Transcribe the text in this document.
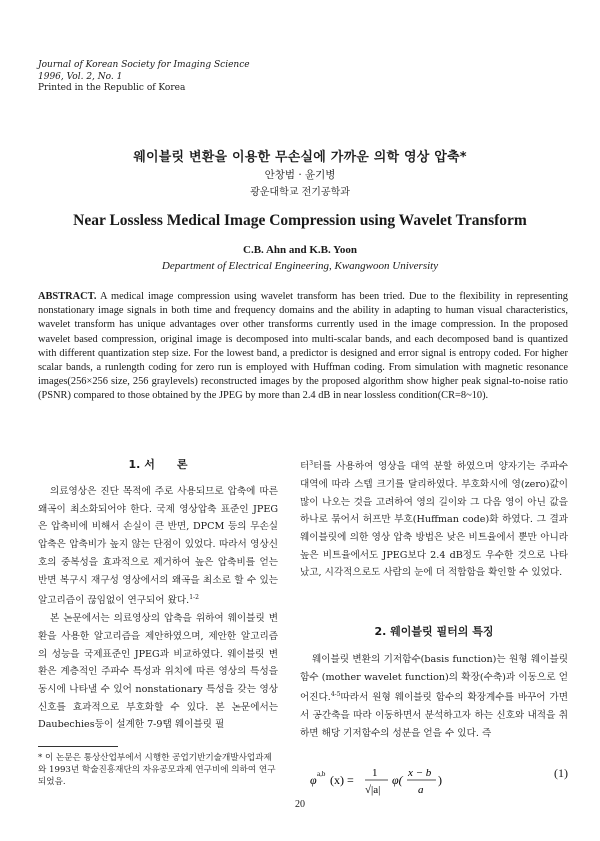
Journal of Korean Society for Imaging Science
1996, Vol. 2, No. 1
Printed in the Republic of Korea
웨이블릿 변환을 이용한 무손실에 가까운 의학 영상 압축*
안창범 · 윤기병
광운대학교 전기공학과
Near Lossless Medical Image Compression using Wavelet Transform
C.B. Ahn and K.B. Yoon
Department of Electrical Engineering, Kwangwoon University
ABSTRACT. A medical image compression using wavelet transform has been tried. Due to the flexibility in representing nonstationary image signals in both time and frequency domains and the ability in adapting to human visual characteristics, wavelet transform has unique advantages over other transforms currently used in the image compression. In the proposed wavelet based compression, original image is decomposed into multi-scalar bands, and each decomposed band is quantized with different quantization step size. For the lowest band, a predictor is designed and error signal is entropy coded. For higher scalar bands, a runlength coding for zero run is employed with Huffman coding. From simulation with magnetic resonance images(256×256 size, 256 graylevels) reconstructed images by the proposed algorithm show higher peak signal-to-noise ratio (PSNR) compared to those obtained by the JPEG by more than 2.4 dB in near lossless condition(CR=8~10).
1. 서　　론

의료영상은 진단 목적에 주로 사용되므로 압축에 따른 왜곡이 최소화되어야 한다. 국제 영상압축 표준인 JPEG은 압축비에 비해서 손실이 큰 반면, DPCM 등의 무손실 압축은 압축비가 높지 않는 단점이 있었다. 따라서 영상신호의 중복성을 효과적으로 제거하여 높은 압축비를 얻는 반면 복구시 재구성 영상에서의 왜곡을 최소로 할 수 있는 알고리즘이 끊임없이 연구되어 왔다.$^{1-2}$

본 논문에서는 의료영상의 압축을 위하여 웨이블릿 변환을 사용한 알고리즘을 제안하였으며, 제안한 알고리즘의 성능을 국제표준인 JPEG과 비교하였다. 웨이블릿 변환은 계층적인 주파수 특성과 위치에 따른 영상의 특성을 동시에 나타낼 수 있어 nonstationary 특성을 갖는 영상신호를 효과적으로 부호화할 수 있다. 본 논문에서는 Daubechies등이 설계한 7-9탭 웨이블릿 필

* 이 논문은 통상산업부에서 시행한 공업기반기술개발사업과제와 1993년 학술진흥재단의 자유공모과제 연구비에 의하여 연구되었음.

터$^3$터를 사용하여 영상을 대역 분할 하였으며 양자기는 주파수 대역에 따라 스텝 크기를 달리하였다. 부호화시에 영(zero)값이 많이 나오는 것을 고려하여 영의 길이와 그 다음 영이 아닌 값을 하나로 묶어서 허프만 부호(Huffman code)화 하였다. 그 결과 웨이블릿에 의한 영상 압축 방법은 낮은 비트율에서 뿐만 아니라 높은 비트율에서도 JPEG보다 2.4 dB정도 우수한 것으로 나타났고, 시각적으로도 사람의 눈에 더 적합함을 확인할 수 있었다.

2. 웨이블릿 필터의 특징

웨이블릿 변환의 기저함수(basis function)는 원형 웨이블릿 함수 (mother wavelet function)의 확장(수축)과 이동으로 얻어진다.$^{4-5}$따라서 원형 웨이블릿 함수의 확장계수를 바꾸어 가면서 공간축을 따라 이동하면서 분석하고자 하는 신호와 내적을 취하면 해당 기저함수의 성분을 얻을 수 있다. 즉

φ a,b (x) = 1
√|a|
φ( x − b
a
)	(1)
20
